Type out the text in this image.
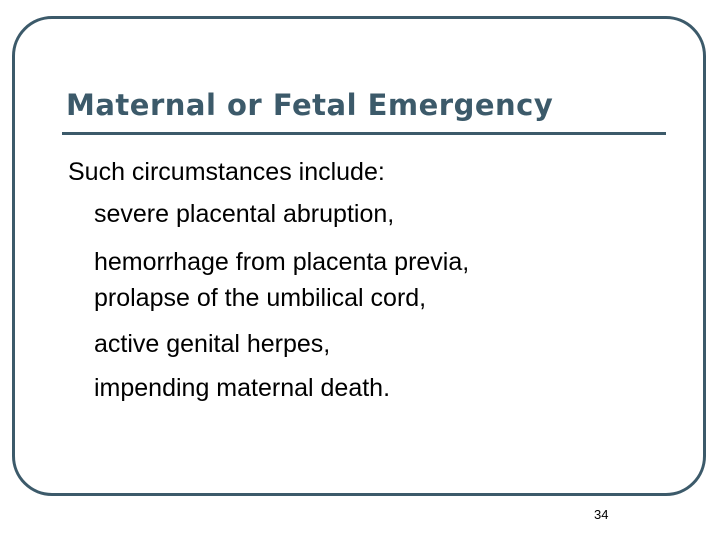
Maternal or Fetal Emergency
Such circumstances include:
severe placental abruption,
hemorrhage from placenta previa,
prolapse of the umbilical cord,
active genital herpes,
impending maternal death.
34
